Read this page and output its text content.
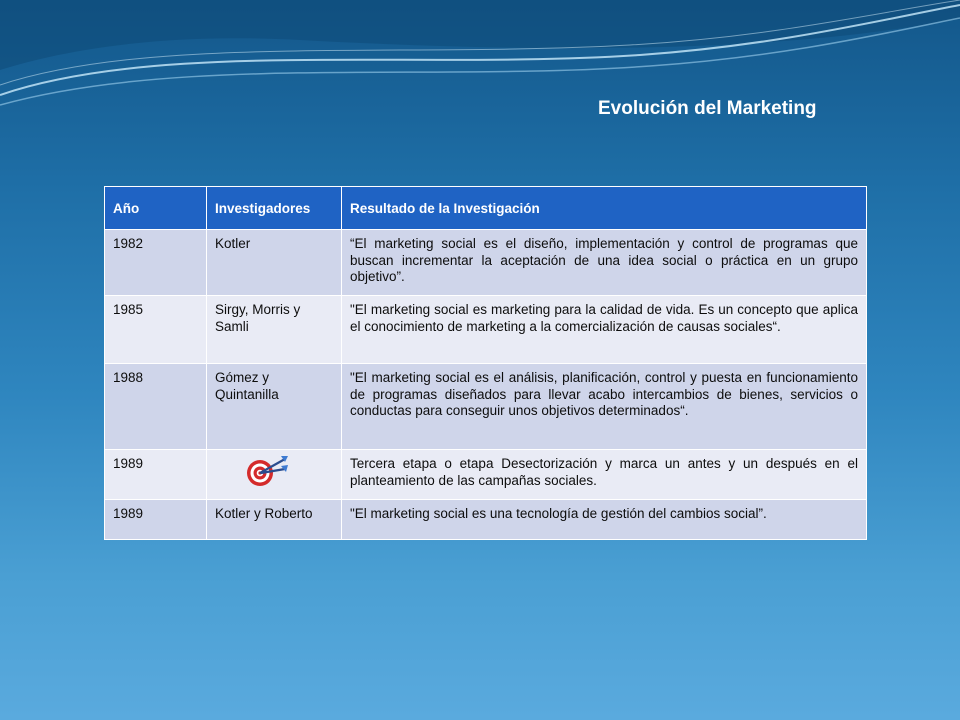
Evolución del Marketing
Año	Investigadores	Resultado de la Investigación
1982	Kotler	“El marketing social es el diseño, implementación y control de programas que buscan incrementar la aceptación de una idea social o práctica en un grupo objetivo”.
1985	Sirgy, Morris y Samli	"El marketing social es marketing para la calidad de vida. Es un concepto que aplica el conocimiento de marketing a la comercialización de causas sociales“.
1988	Gómez y Quintanilla	"El marketing social es el análisis, planificación, control y puesta en funcionamiento de programas diseñados para llevar acabo intercambios de bienes, servicios o conductas para conseguir unos objetivos determinados“.
1989		Tercera etapa o etapa Desectorización y marca un antes y un después en el planteamiento de las campañas sociales.
1989	Kotler y Roberto	"El marketing social es una tecnología de gestión del cambios social”.
